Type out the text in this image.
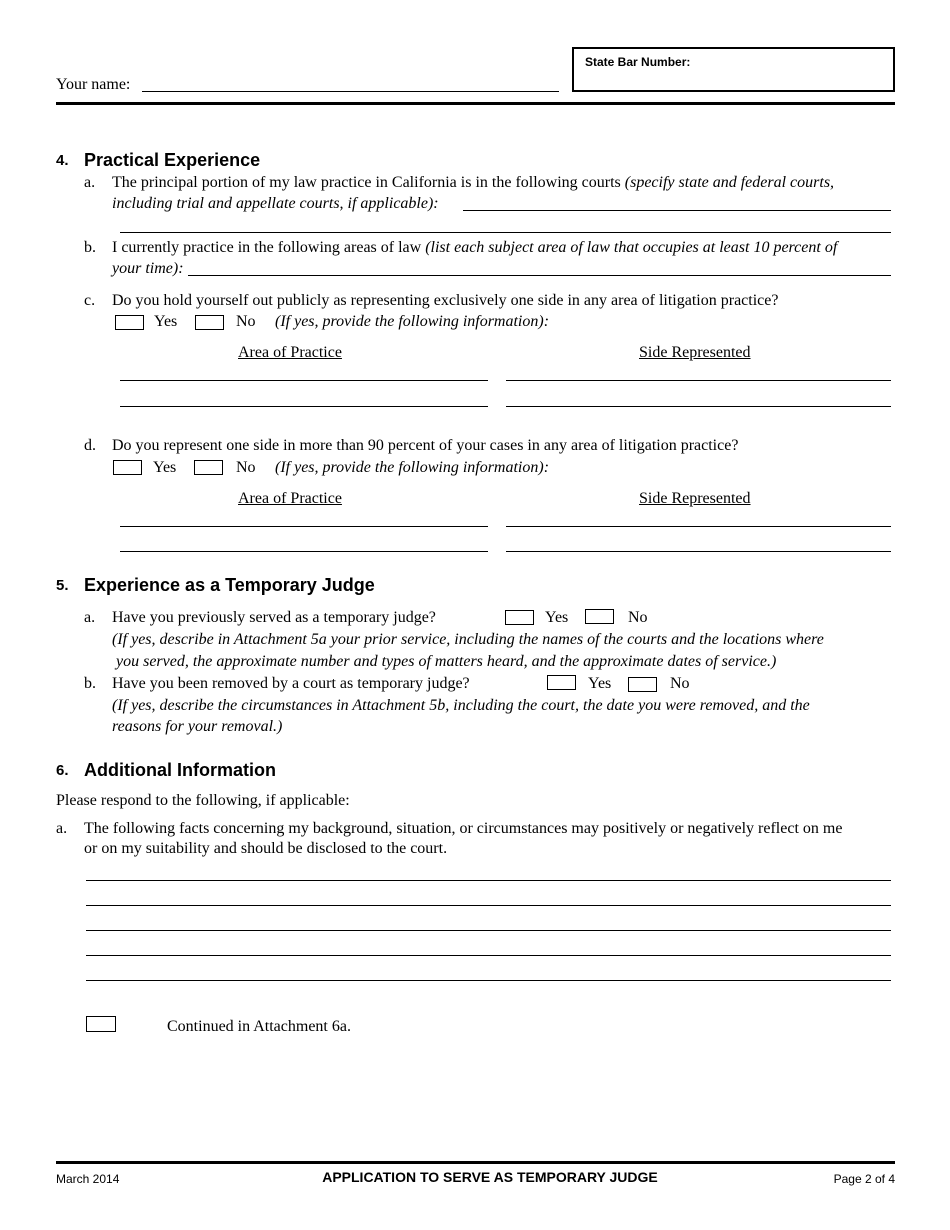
Your name:
State Bar Number:
4. Practical Experience
a. The principal portion of my law practice in California is in the following courts (specify state and federal courts,
including trial and appellate courts, if applicable):
b. I currently practice in the following areas of law (list each subject area of law that occupies at least 10 percent of
your time):
c. Do you hold yourself out publicly as representing exclusively one side in any area of litigation practice?
Yes	No (If yes, provide the following information):
Area of Practice	Side Represented
d. Do you represent one side in more than 90 percent of your cases in any area of litigation practice?
Yes	No (If yes, provide the following information):
Area of Practice	Side Represented
5. Experience as a Temporary Judge
a. Have you previously served as a temporary judge?	Yes	No
(If yes, describe in Attachment 5a your prior service, including the names of the courts and the locations where
you served, the approximate number and types of matters heard, and the approximate dates of service.)
b. Have you been removed by a court as temporary judge?	Yes	No
(If yes, describe the circumstances in Attachment 5b, including the court, the date you were removed, and the
reasons for your removal.)
6. Additional Information
Please respond to the following, if applicable:
a. The following facts concerning my background, situation, or circumstances may positively or negatively reflect on me
or on my suitability and should be disclosed to the court.
Continued in Attachment 6a.
March 2014	APPLICATION TO SERVE AS TEMPORARY JUDGE	Page 2 of 4
